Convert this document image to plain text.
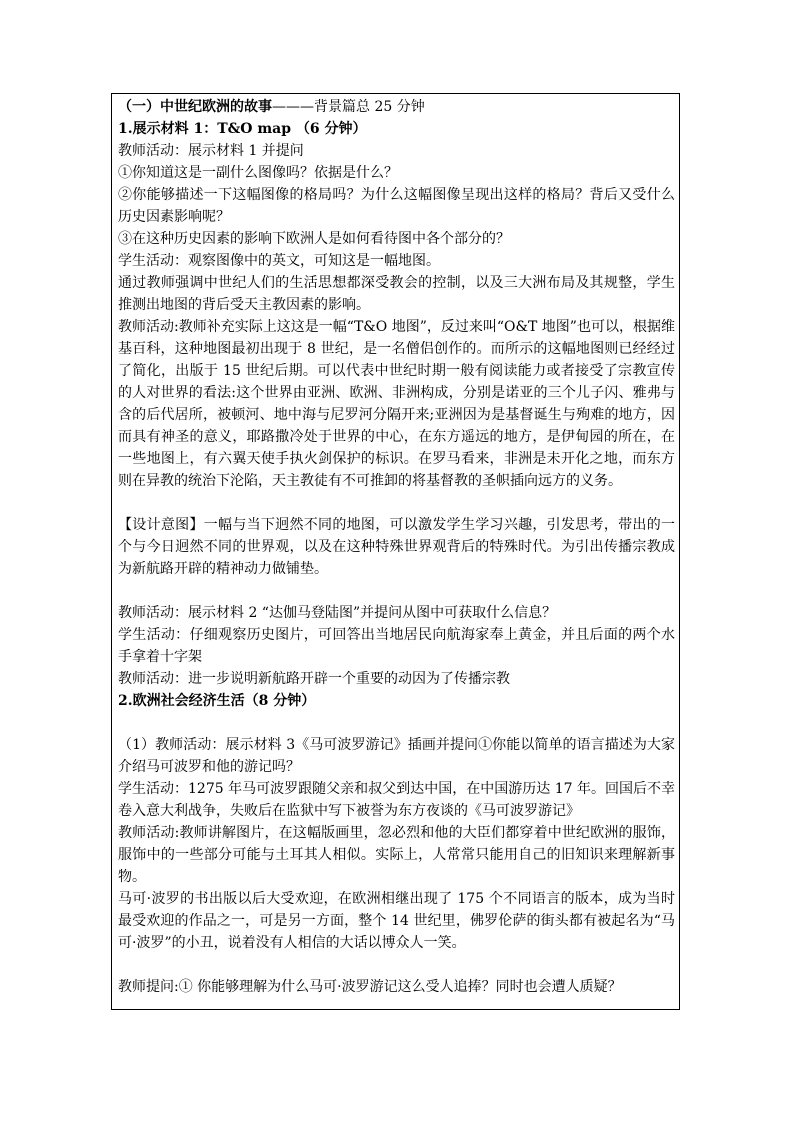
（一）中世纪欧洲的故事———背景篇总 25 分钟

1.展示材料 1：T&O map （6 分钟）

教师活动：展示材料 1 并提问

①你知道这是一副什么图像吗？依据是什么？

②你能够描述一下这幅图像的格局吗？为什么这幅图像呈现出这样的格局？背后又受什么历史因素影响呢？

③在这种历史因素的影响下欧洲人是如何看待图中各个部分的？

学生活动：观察图像中的英文，可知这是一幅地图。

通过教师强调中世纪人们的生活思想都深受教会的控制，以及三大洲布局及其规整，学生推测出地图的背后受天主教因素的影响。

教师活动:教师补充实际上这这是一幅“T&O 地图”，反过来叫“O&T 地图”也可以，根据维基百科，这种地图最初出现于 8 世纪，是一名僧侣创作的。而所示的这幅地图则已经经过了简化，出版于 15 世纪后期。可以代表中世纪时期一般有阅读能力或者接受了宗教宣传的人对世界的看法:这个世界由亚洲、欧洲、非洲构成，分别是诺亚的三个儿子闪、雅弗与含的后代居所，被顿河、地中海与尼罗河分隔开来;亚洲因为是基督诞生与殉难的地方，因而具有神圣的意义，耶路撒冷处于世界的中心，在东方遥远的地方，是伊甸园的所在，在一些地图上，有六翼天使手执火剑保护的标识。在罗马看来，非洲是未开化之地，而东方则在异教的统治下沦陷，天主教徒有不可推卸的将基督教的圣帜插向远方的义务。

【设计意图】一幅与当下迥然不同的地图，可以激发学生学习兴趣，引发思考，带出的一个与今日迥然不同的世界观，以及在这种特殊世界观背后的特殊时代。为引出传播宗教成为新航路开辟的精神动力做铺垫。

教师活动：展示材料 2 “达伽马登陆图”并提问从图中可获取什么信息？

学生活动：仔细观察历史图片，可回答出当地居民向航海家奉上黄金，并且后面的两个水手拿着十字架

教师活动：进一步说明新航路开辟一个重要的动因为了传播宗教

2.欧洲社会经济生活（8 分钟）

（1）教师活动：展示材料 3《马可波罗游记》插画并提问①你能以简单的语言描述为大家介绍马可波罗和他的游记吗？

学生活动：1275 年马可波罗跟随父亲和叔父到达中国，在中国游历达 17 年。回国后不幸卷入意大利战争，失败后在监狱中写下被誉为东方夜谈的《马可波罗游记》

教师活动:教师讲解图片，在这幅版画里，忽必烈和他的大臣们都穿着中世纪欧洲的服饰，服饰中的一些部分可能与土耳其人相似。实际上，人常常只能用自己的旧知识来理解新事物。

马可·波罗的书出版以后大受欢迎，在欧洲相继出现了 175 个不同语言的版本，成为当时最受欢迎的作品之一，可是另一方面，整个 14 世纪里，佛罗伦萨的街头都有被起名为“马可·波罗”的小丑，说着没有人相信的大话以博众人一笑。

教师提问:① 你能够理解为什么马可·波罗游记这么受人追捧？同时也会遭人质疑？
